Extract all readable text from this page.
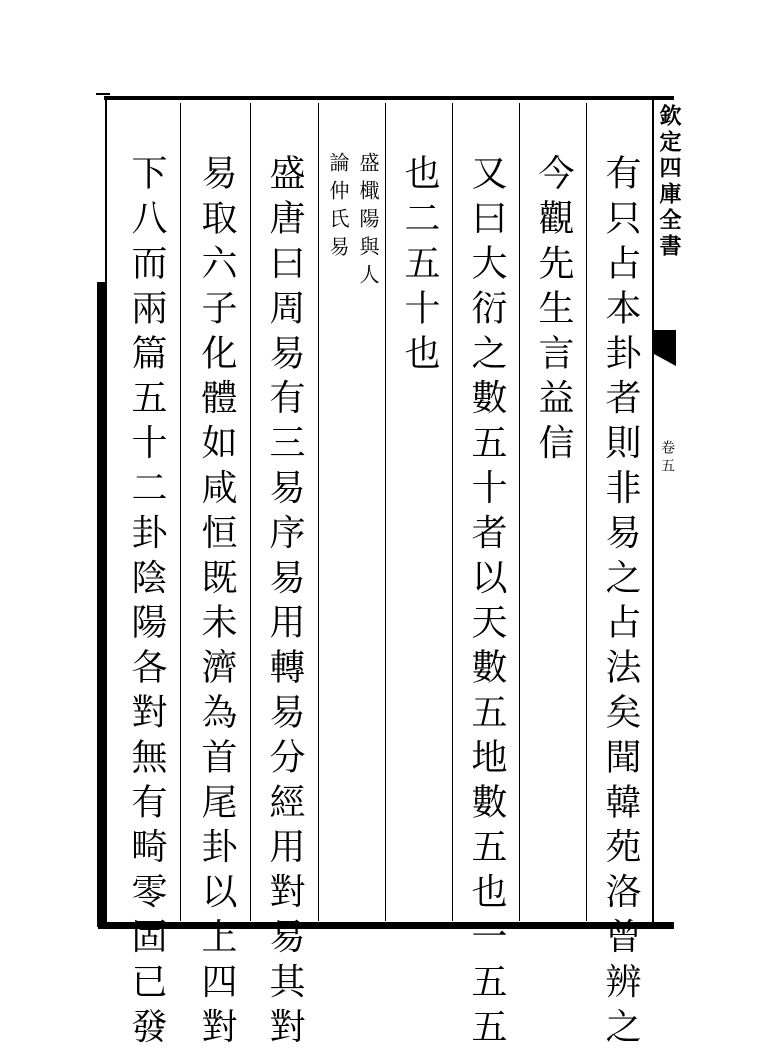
欽定四庫全書
卷五
有只占本卦者則非易之占法矣聞韓苑洛曾辨之
今觀先生言益信
又曰大衍之數五十者以天數五地數五也一五五
也二五十也
盛檝陽與人
論仲氏易
盛唐曰周易有三易序易用轉易分經用對易其對
易取六子化體如咸恒既未濟為首尾卦以上四對
下八而兩篇五十二卦陰陽各對無有畸零固已發
